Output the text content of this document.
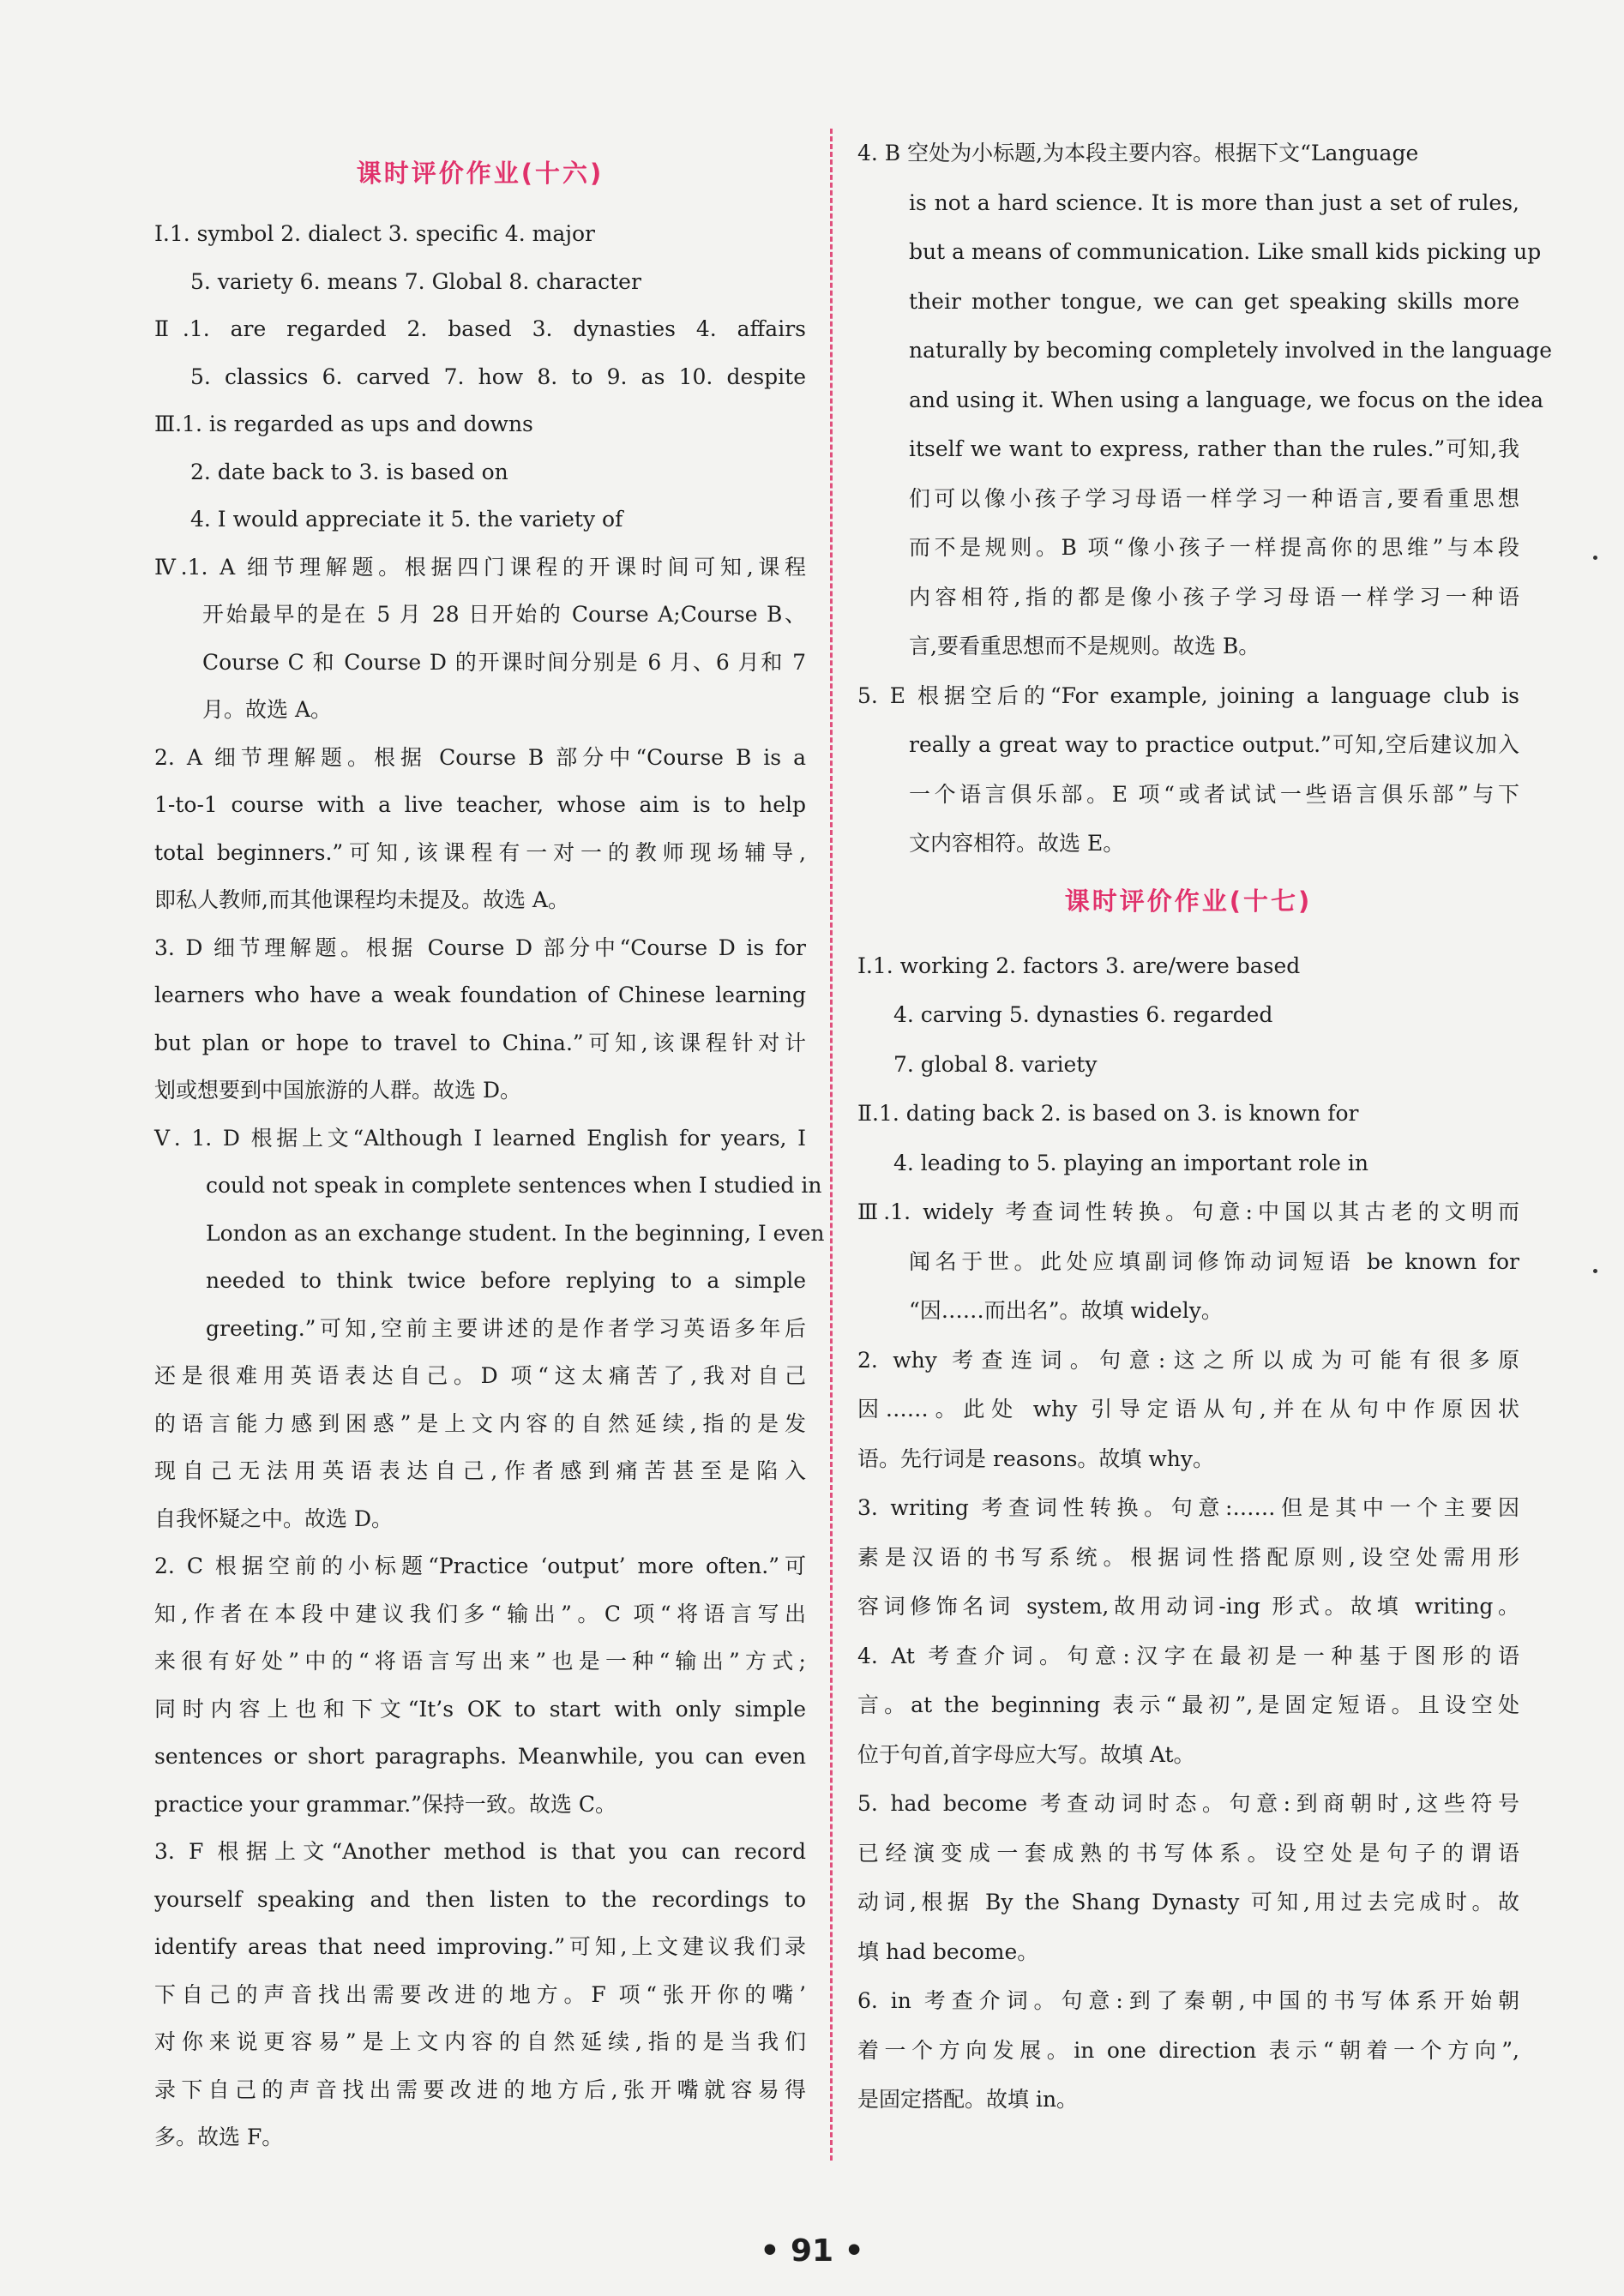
课时评价作业(十六)
Ⅰ.1. symbol 2. dialect 3. specific 4. major
5. variety 6. means 7. Global 8. character
Ⅱ.1. are regarded 2. based 3. dynasties 4. affairs
5. classics 6. carved 7. how 8. to 9. as 10. despite
Ⅲ.1. is regarded as ups and downs
2. date back to 3. is based on
4. I would appreciate it 5. the variety of
Ⅳ.1. A 细节理解题。根据四门课程的开课时间可知,课程
开始最早的是在 5 月 28 日开始的 Course A;Course B、
Course C 和 Course D 的开课时间分别是 6 月、6 月和 7
月。故选 A。
2. A 细节理解题。根据 Course B 部分中“Course B is a
1-to-1 course with a live teacher, whose aim is to help
total beginners.”可知,该课程有一对一的教师现场辅导,
即私人教师,而其他课程均未提及。故选 A。
3. D 细节理解题。根据 Course D 部分中“Course D is for
learners who have a weak foundation of Chinese learning
but plan or hope to travel to China.”可知,该课程针对计
划或想要到中国旅游的人群。故选 D。
Ⅴ. 1. D 根据上文“Although I learned English for years, I
could not speak in complete sentences when I studied in
London as an exchange student. In the beginning, I even
needed to think twice before replying to a simple
greeting.”可知,空前主要讲述的是作者学习英语多年后
还是很难用英语表达自己。D 项“这太痛苦了,我对自己
的语言能力感到困惑”是上文内容的自然延续,指的是发
现自己无法用英语表达自己,作者感到痛苦甚至是陷入
自我怀疑之中。故选 D。
2. C 根据空前的小标题“Practice ‘output’ more often.”可
知,作者在本段中建议我们多“输出”。C 项“将语言写出
来很有好处”中的“将语言写出来”也是一种“输出”方式;
同时内容上也和下文“It’s OK to start with only simple
sentences or short paragraphs. Meanwhile, you can even
practice your grammar.”保持一致。故选 C。
3. F 根据上文“Another method is that you can record
yourself speaking and then listen to the recordings to
identify areas that need improving.”可知,上文建议我们录
下自己的声音找出需要改进的地方。F 项“张开你的嘴’
对你来说更容易”是上文内容的自然延续,指的是当我们
录下自己的声音找出需要改进的地方后,张开嘴就容易得
多。故选 F。
4. B 空处为小标题,为本段主要内容。根据下文“Language
is not a hard science. It is more than just a set of rules,
but a means of communication. Like small kids picking up
their mother tongue, we can get speaking skills more
naturally by becoming completely involved in the language
and using it. When using a language, we focus on the idea
itself we want to express, rather than the rules.”可知,我
们可以像小孩子学习母语一样学习一种语言,要看重思想
而不是规则。B 项“像小孩子一样提高你的思维”与本段
内容相符,指的都是像小孩子学习母语一样学习一种语
言,要看重思想而不是规则。故选 B。
5. E 根据空后的“For example, joining a language club is
really a great way to practice output.”可知,空后建议加入
一个语言俱乐部。E 项“或者试试一些语言俱乐部”与下
文内容相符。故选 E。
课时评价作业(十七)
Ⅰ.1. working 2. factors 3. are/were based
4. carving 5. dynasties 6. regarded
7. global 8. variety
Ⅱ.1. dating back 2. is based on 3. is known for
4. leading to 5. playing an important role in
Ⅲ.1. widely 考查词性转换。句意:中国以其古老的文明而
闻名于世。此处应填副词修饰动词短语 be known for
“因……而出名”。故填 widely。
2. why 考查连词。句意:这之所以成为可能有很多原
因……。此处 why 引导定语从句,并在从句中作原因状
语。先行词是 reasons。故填 why。
3. writing 考查词性转换。句意:……但是其中一个主要因
素是汉语的书写系统。根据词性搭配原则,设空处需用形
容词修饰名词 system,故用动词-ing 形式。故填 writing。
4. At 考查介词。句意:汉字在最初是一种基于图形的语
言。at the beginning 表示“最初”,是固定短语。且设空处
位于句首,首字母应大写。故填 At。
5. had become 考查动词时态。句意:到商朝时,这些符号
已经演变成一套成熟的书写体系。设空处是句子的谓语
动词,根据 By the Shang Dynasty 可知,用过去完成时。故
填 had become。
6. in 考查介词。句意:到了秦朝,中国的书写体系开始朝
着一个方向发展。in one direction 表示“朝着一个方向”,
是固定搭配。故填 in。
• 91 •
